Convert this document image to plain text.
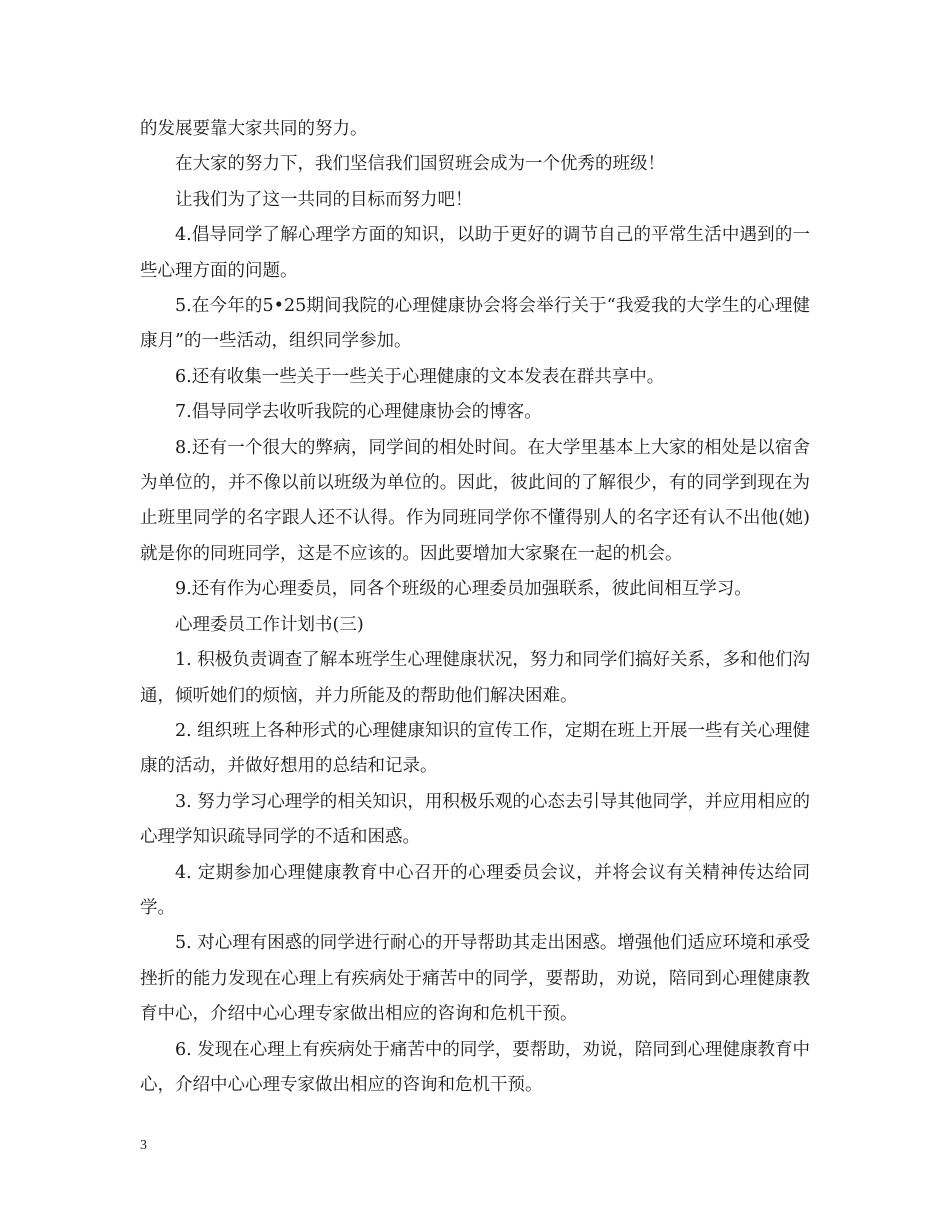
的发展要靠大家共同的努力。

在大家的努力下，我们坚信我们国贸班会成为一个优秀的班级！

让我们为了这一共同的目标而努力吧！

4.倡导同学了解心理学方面的知识，以助于更好的调节自己的平常生活中遇到的一些心理方面的问题。

5.在今年的5•25期间我院的心理健康协会将会举行关于“我爱我的大学生的心理健康月”的一些活动，组织同学参加。

6.还有收集一些关于一些关于心理健康的文本发表在群共享中。

7.倡导同学去收听我院的心理健康协会的博客。

8.还有一个很大的弊病，同学间的相处时间。在大学里基本上大家的相处是以宿舍为单位的，并不像以前以班级为单位的。因此，彼此间的了解很少，有的同学到现在为止班里同学的名字跟人还不认得。作为同班同学你不懂得别人的名字还有认不出他(她)就是你的同班同学，这是不应该的。因此要增加大家聚在一起的机会。

9.还有作为心理委员，同各个班级的心理委员加强联系，彼此间相互学习。

心理委员工作计划书(三)

1. 积极负责调查了解本班学生心理健康状况，努力和同学们搞好关系，多和他们沟通，倾听她们的烦恼，并力所能及的帮助他们解决困难。

2. 组织班上各种形式的心理健康知识的宣传工作，定期在班上开展一些有关心理健康的活动，并做好想用的总结和记录。

3. 努力学习心理学的相关知识，用积极乐观的心态去引导其他同学，并应用相应的心理学知识疏导同学的不适和困惑。

4. 定期参加心理健康教育中心召开的心理委员会议，并将会议有关精神传达给同学。

5. 对心理有困惑的同学进行耐心的开导帮助其走出困惑。增强他们适应环境和承受挫折的能力发现在心理上有疾病处于痛苦中的同学，要帮助，劝说，陪同到心理健康教育中心，介绍中心心理专家做出相应的咨询和危机干预。

6. 发现在心理上有疾病处于痛苦中的同学，要帮助，劝说，陪同到心理健康教育中心，介绍中心心理专家做出相应的咨询和危机干预。

3
